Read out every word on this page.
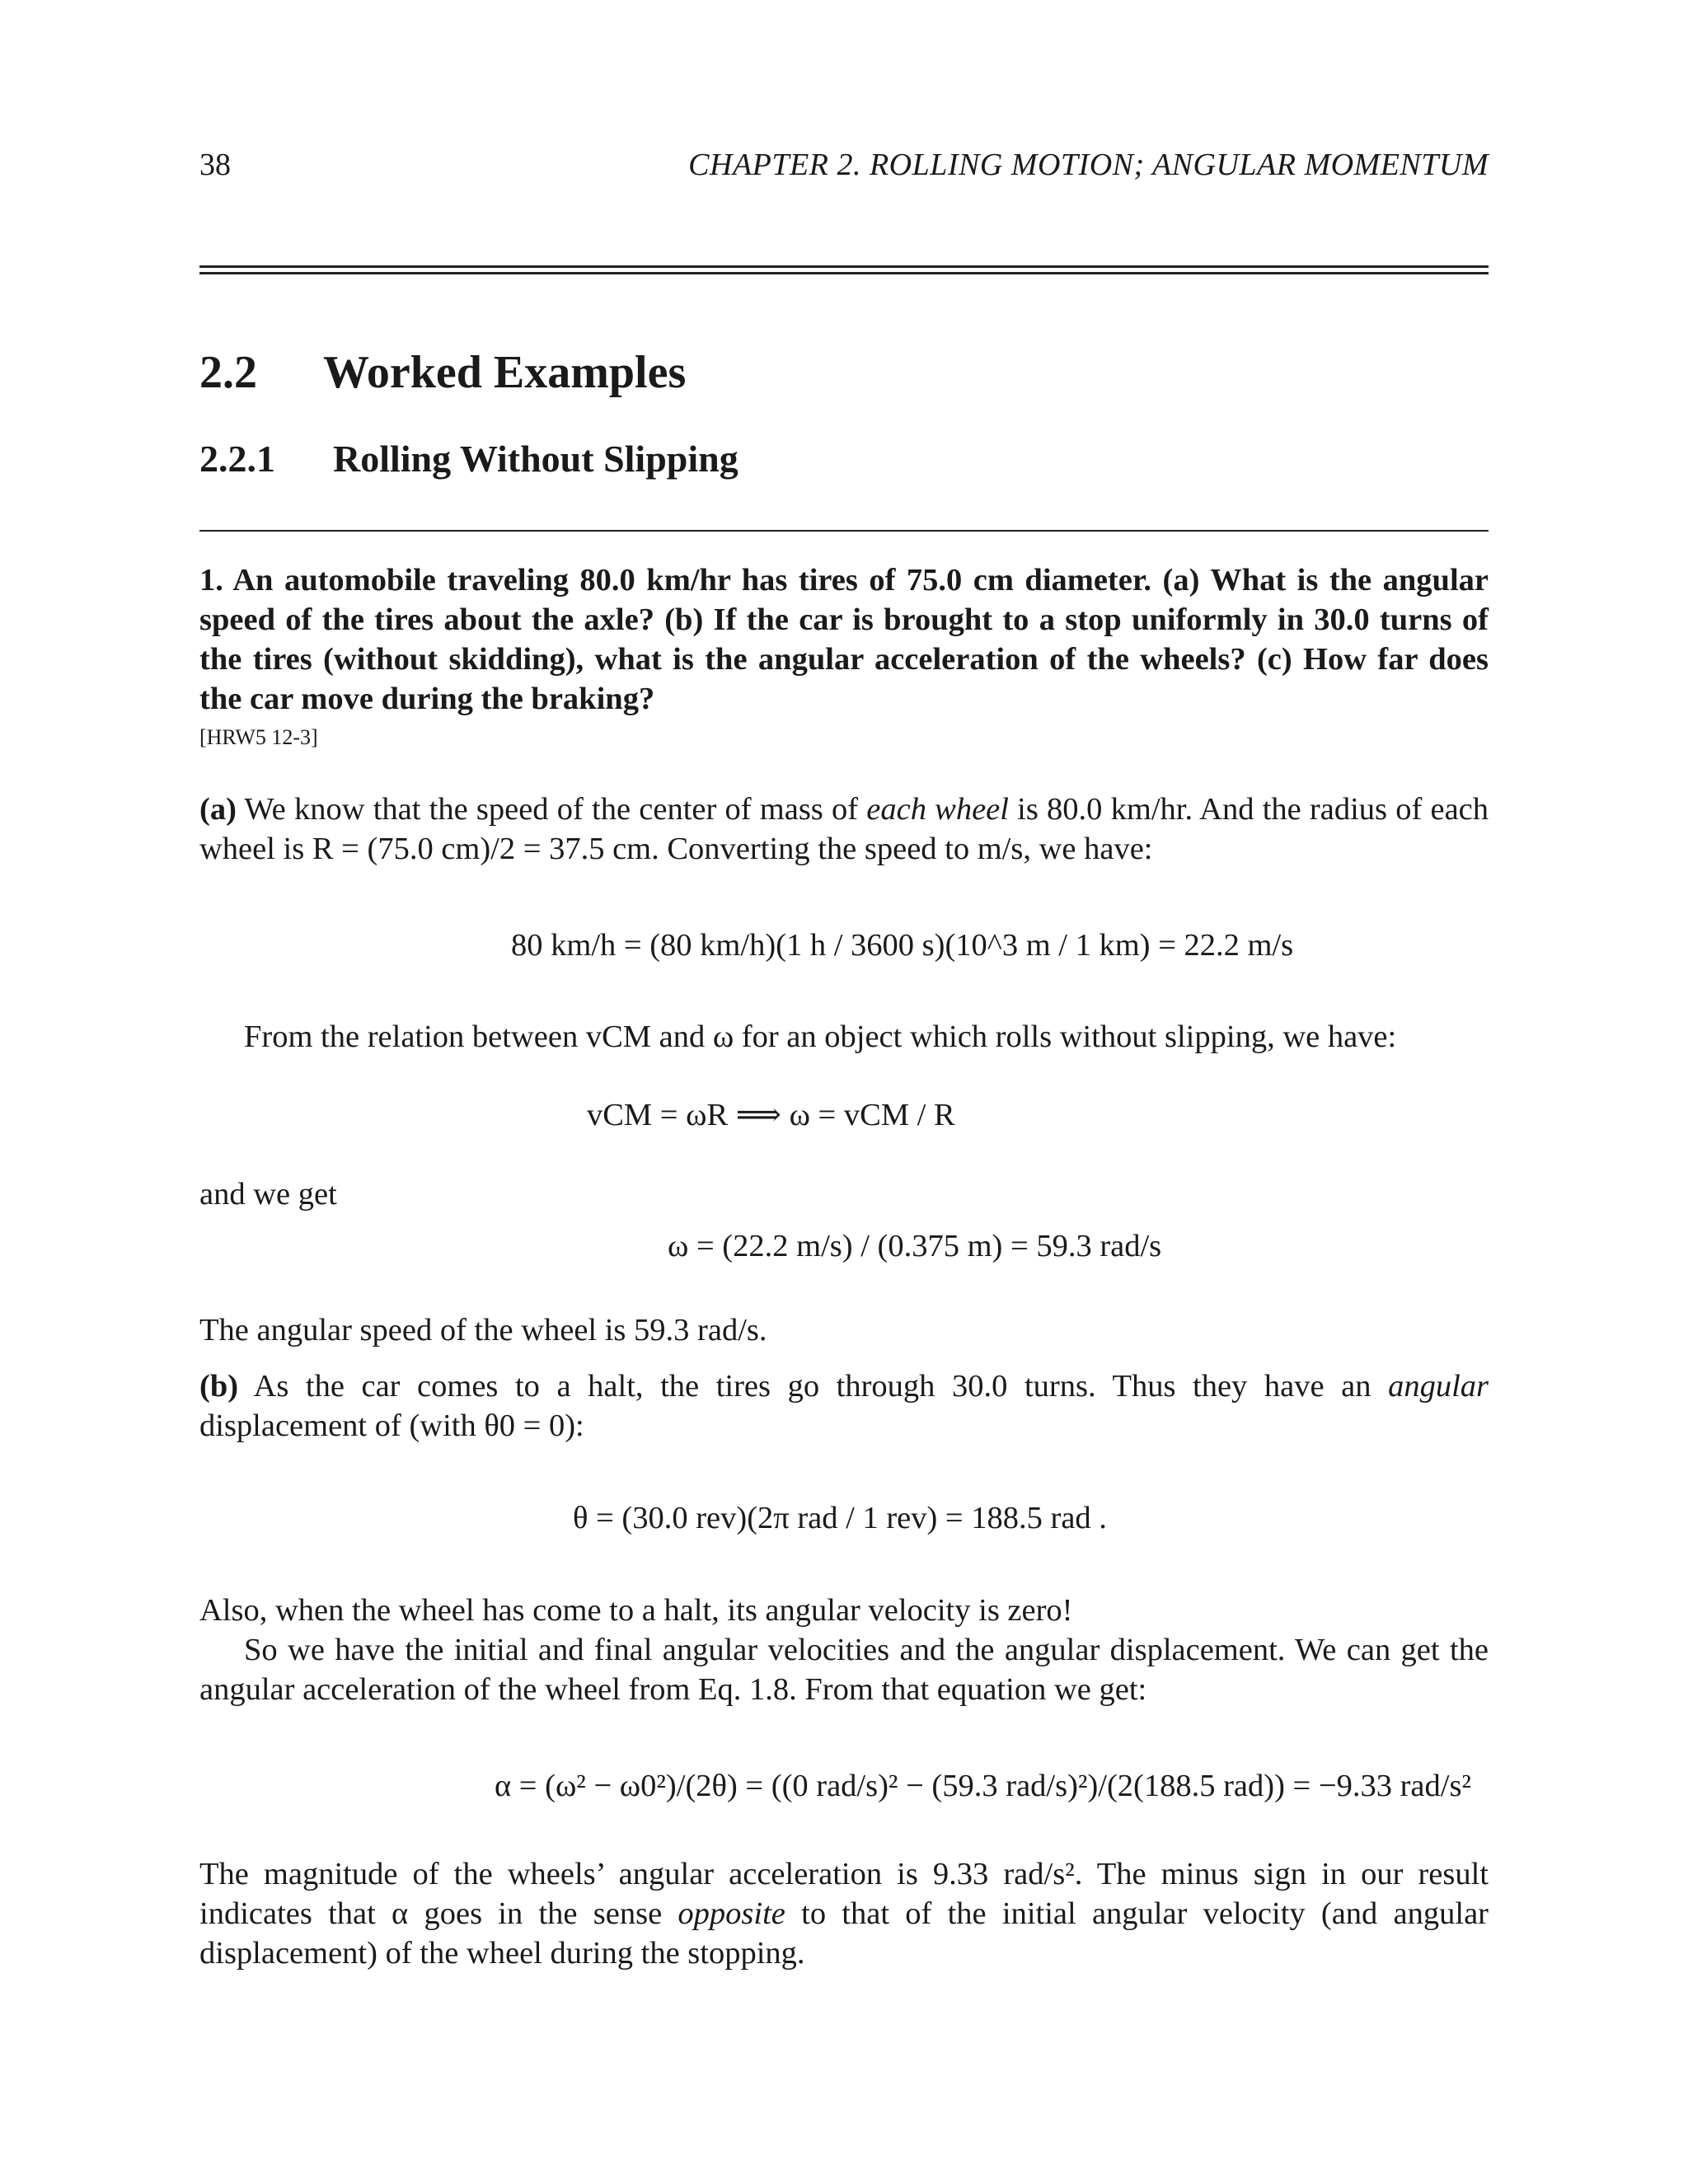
38	CHAPTER 2. ROLLING MOTION; ANGULAR MOMENTUM
2.2 Worked Examples
2.2.1 Rolling Without Slipping
1. An automobile traveling 80.0 km/hr has tires of 75.0 cm diameter. (a) What is the angular speed of the tires about the axle? (b) If the car is brought to a stop uniformly in 30.0 turns of the tires (without skidding), what is the angular acceleration of the wheels? (c) How far does the car move during the braking?
[HRW5 12-3]
(a) We know that the speed of the center of mass of each wheel is 80.0 km/hr. And the radius of each wheel is R = (75.0 cm)/2 = 37.5 cm. Converting the speed to m/s, we have:
80 km/h = (80 km/h)(1 h / 3600 s)(10^3 m / 1 km) = 22.2 m/s
From the relation between vCM and ω for an object which rolls without slipping, we have:
vCM = ωR ⟹ ω = vCM / R
and we get
ω = (22.2 m/s) / (0.375 m) = 59.3 rad/s
The angular speed of the wheel is 59.3 rad/s.
(b) As the car comes to a halt, the tires go through 30.0 turns. Thus they have an angular displacement of (with θ0 = 0):
θ = (30.0 rev)(2π rad / 1 rev) = 188.5 rad .
Also, when the wheel has come to a halt, its angular velocity is zero!
So we have the initial and final angular velocities and the angular displacement. We can get the angular acceleration of the wheel from Eq. 1.8. From that equation we get:
α = (ω² − ω0²)/(2θ) = ((0 rad/s)² − (59.3 rad/s)²)/(2(188.5 rad)) = −9.33 rad/s²
The magnitude of the wheels’ angular acceleration is 9.33 rad/s². The minus sign in our result indicates that α goes in the sense opposite to that of the initial angular velocity (and angular displacement) of the wheel during the stopping.
